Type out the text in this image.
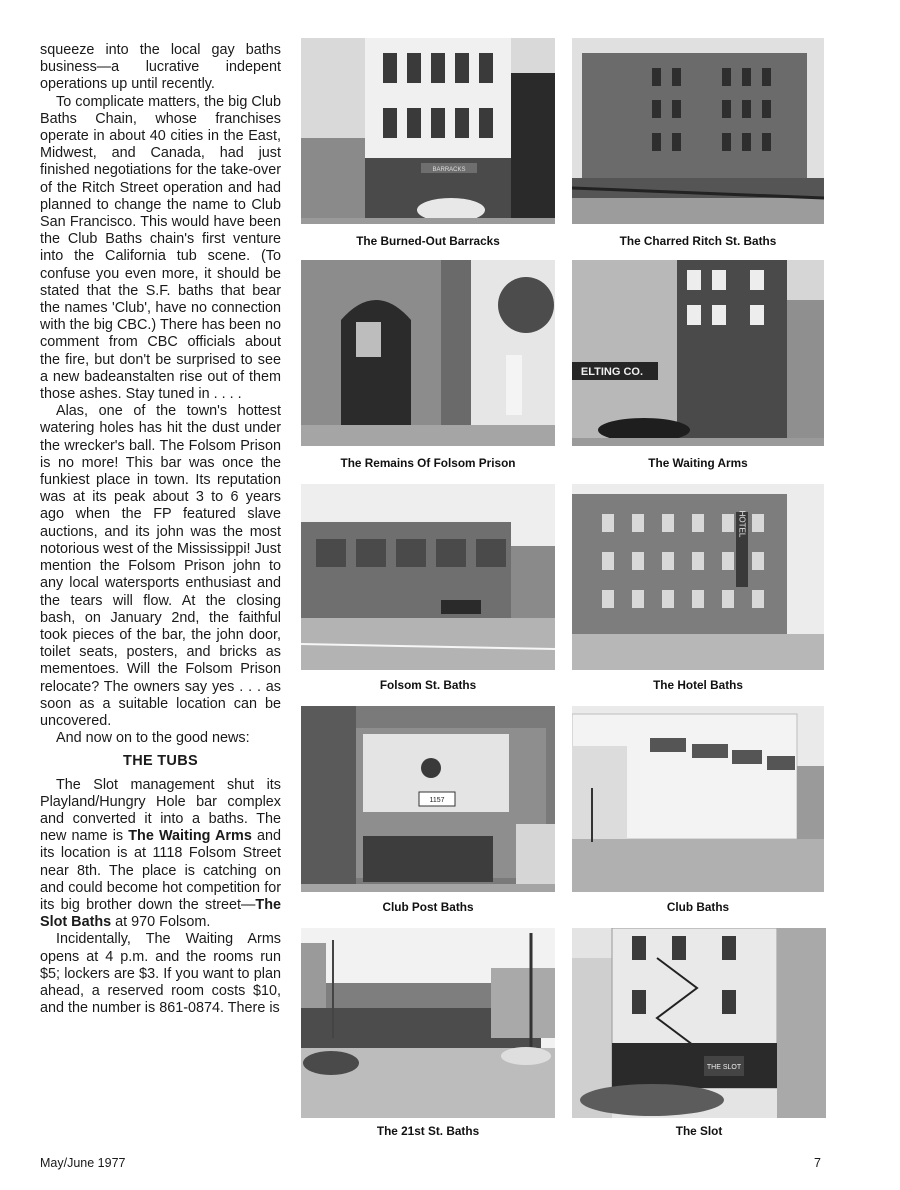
squeeze into the local gay baths business—a lucrative indepent operations up until recently.

To complicate matters, the big Club Baths Chain, whose franchises operate in about 40 cities in the East, Midwest, and Canada, had just finished negotiations for the take-over of the Ritch Street operation and had planned to change the name to Club San Francisco. This would have been the Club Baths chain's first venture into the California tub scene. (To confuse you even more, it should be stated that the S.F. baths that bear the names 'Club', have no connection with the big CBC.) There has been no comment from CBC officials about the fire, but don't be surprised to see a new badeanstalten rise out of them those ashes. Stay tuned in . . . .

Alas, one of the town's hottest watering holes has hit the dust under the wrecker's ball. The Folsom Prison is no more! This bar was once the funkiest place in town. Its reputation was at its peak about 3 to 6 years ago when the FP featured slave auctions, and its john was the most notorious west of the Mississippi! Just mention the Folsom Prison john to any local watersports enthusiast and the tears will flow. At the closing bash, on January 2nd, the faithful took pieces of the bar, the john door, toilet seats, posters, and bricks as mementoes. Will the Folsom Prison relocate? The owners say yes . . . as soon as a suitable location can be uncovered.

And now on to the good news:

THE TUBS

The Slot management shut its Playland/Hungry Hole bar complex and converted it into a baths. The new name is The Waiting Arms and its location is at 1118 Folsom Street near 8th. The place is catching on and could become hot competition for its big brother down the street—The Slot Baths at 970 Folsom.

Incidentally, The Waiting Arms opens at 4 p.m. and the rooms run $5; lockers are $3. If you want to plan ahead, a reserved room costs $10, and the number is 861-0874. There is

BARRACKS
The Burned-Out Barracks	The Charred Ritch St. Baths
The Remains Of Folsom Prison
ELTING CO.
The Waiting Arms
Folsom St. Baths
HOTEL
The Hotel Baths
1157
Club Post Baths	Club Baths
The 21st St. Baths
THE SLOT
The Slot
May/June 1977	7
